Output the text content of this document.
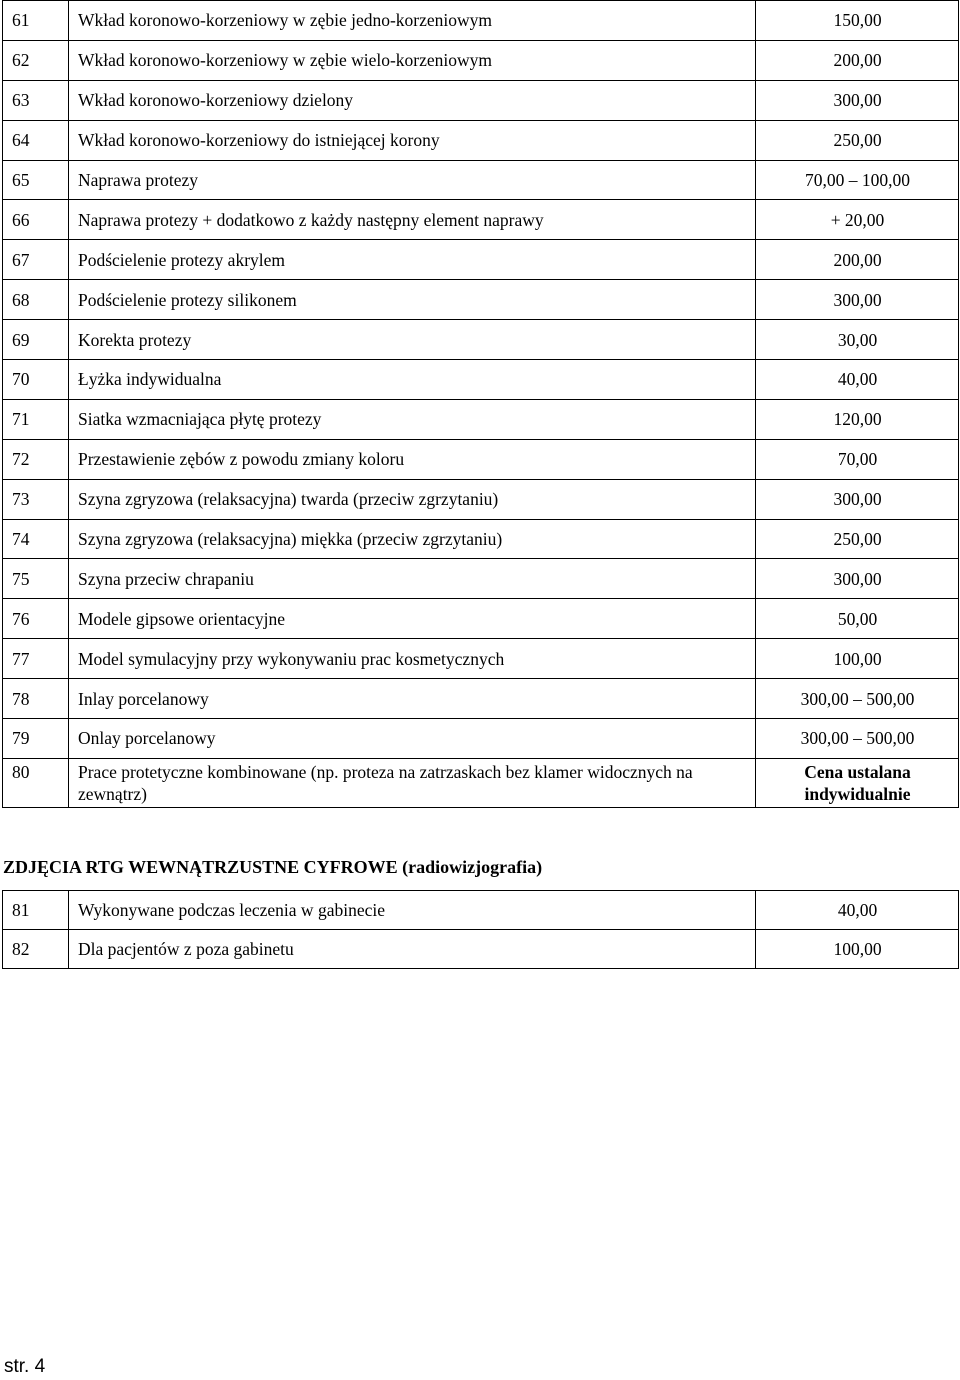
61	Wkład koronowo-korzeniowy w zębie jedno-korzeniowym	150,00
62	Wkład koronowo-korzeniowy w zębie wielo-korzeniowym	200,00
63	Wkład koronowo-korzeniowy dzielony	300,00
64	Wkład koronowo-korzeniowy do istniejącej korony	250,00
65	Naprawa protezy	70,00 – 100,00
66	Naprawa protezy + dodatkowo z każdy następny element naprawy	+ 20,00
67	Podścielenie protezy akrylem	200,00
68	Podścielenie protezy silikonem	300,00
69	Korekta protezy	30,00
70	Łyżka indywidualna	40,00
71	Siatka wzmacniająca płytę protezy	120,00
72	Przestawienie zębów z powodu zmiany koloru	70,00
73	Szyna zgryzowa (relaksacyjna) twarda (przeciw zgrzytaniu)	300,00
74	Szyna zgryzowa (relaksacyjna) miękka (przeciw zgrzytaniu)	250,00
75	Szyna przeciw chrapaniu	300,00
76	Modele gipsowe orientacyjne	50,00
77	Model symulacyjny przy wykonywaniu prac kosmetycznych	100,00
78	Inlay porcelanowy	300,00 – 500,00
79	Onlay porcelanowy	300,00 – 500,00
80	Prace protetyczne kombinowane (np. proteza na zatrzaskach bez klamer widocznych na zewnątrz)	Cena ustalana indywidualnie
ZDJĘCIA RTG WEWNĄTRZUSTNE CYFROWE (radiowizjografia)
81	Wykonywane podczas leczenia w gabinecie	40,00
82	Dla pacjentów z poza gabinetu	100,00
str. 4
